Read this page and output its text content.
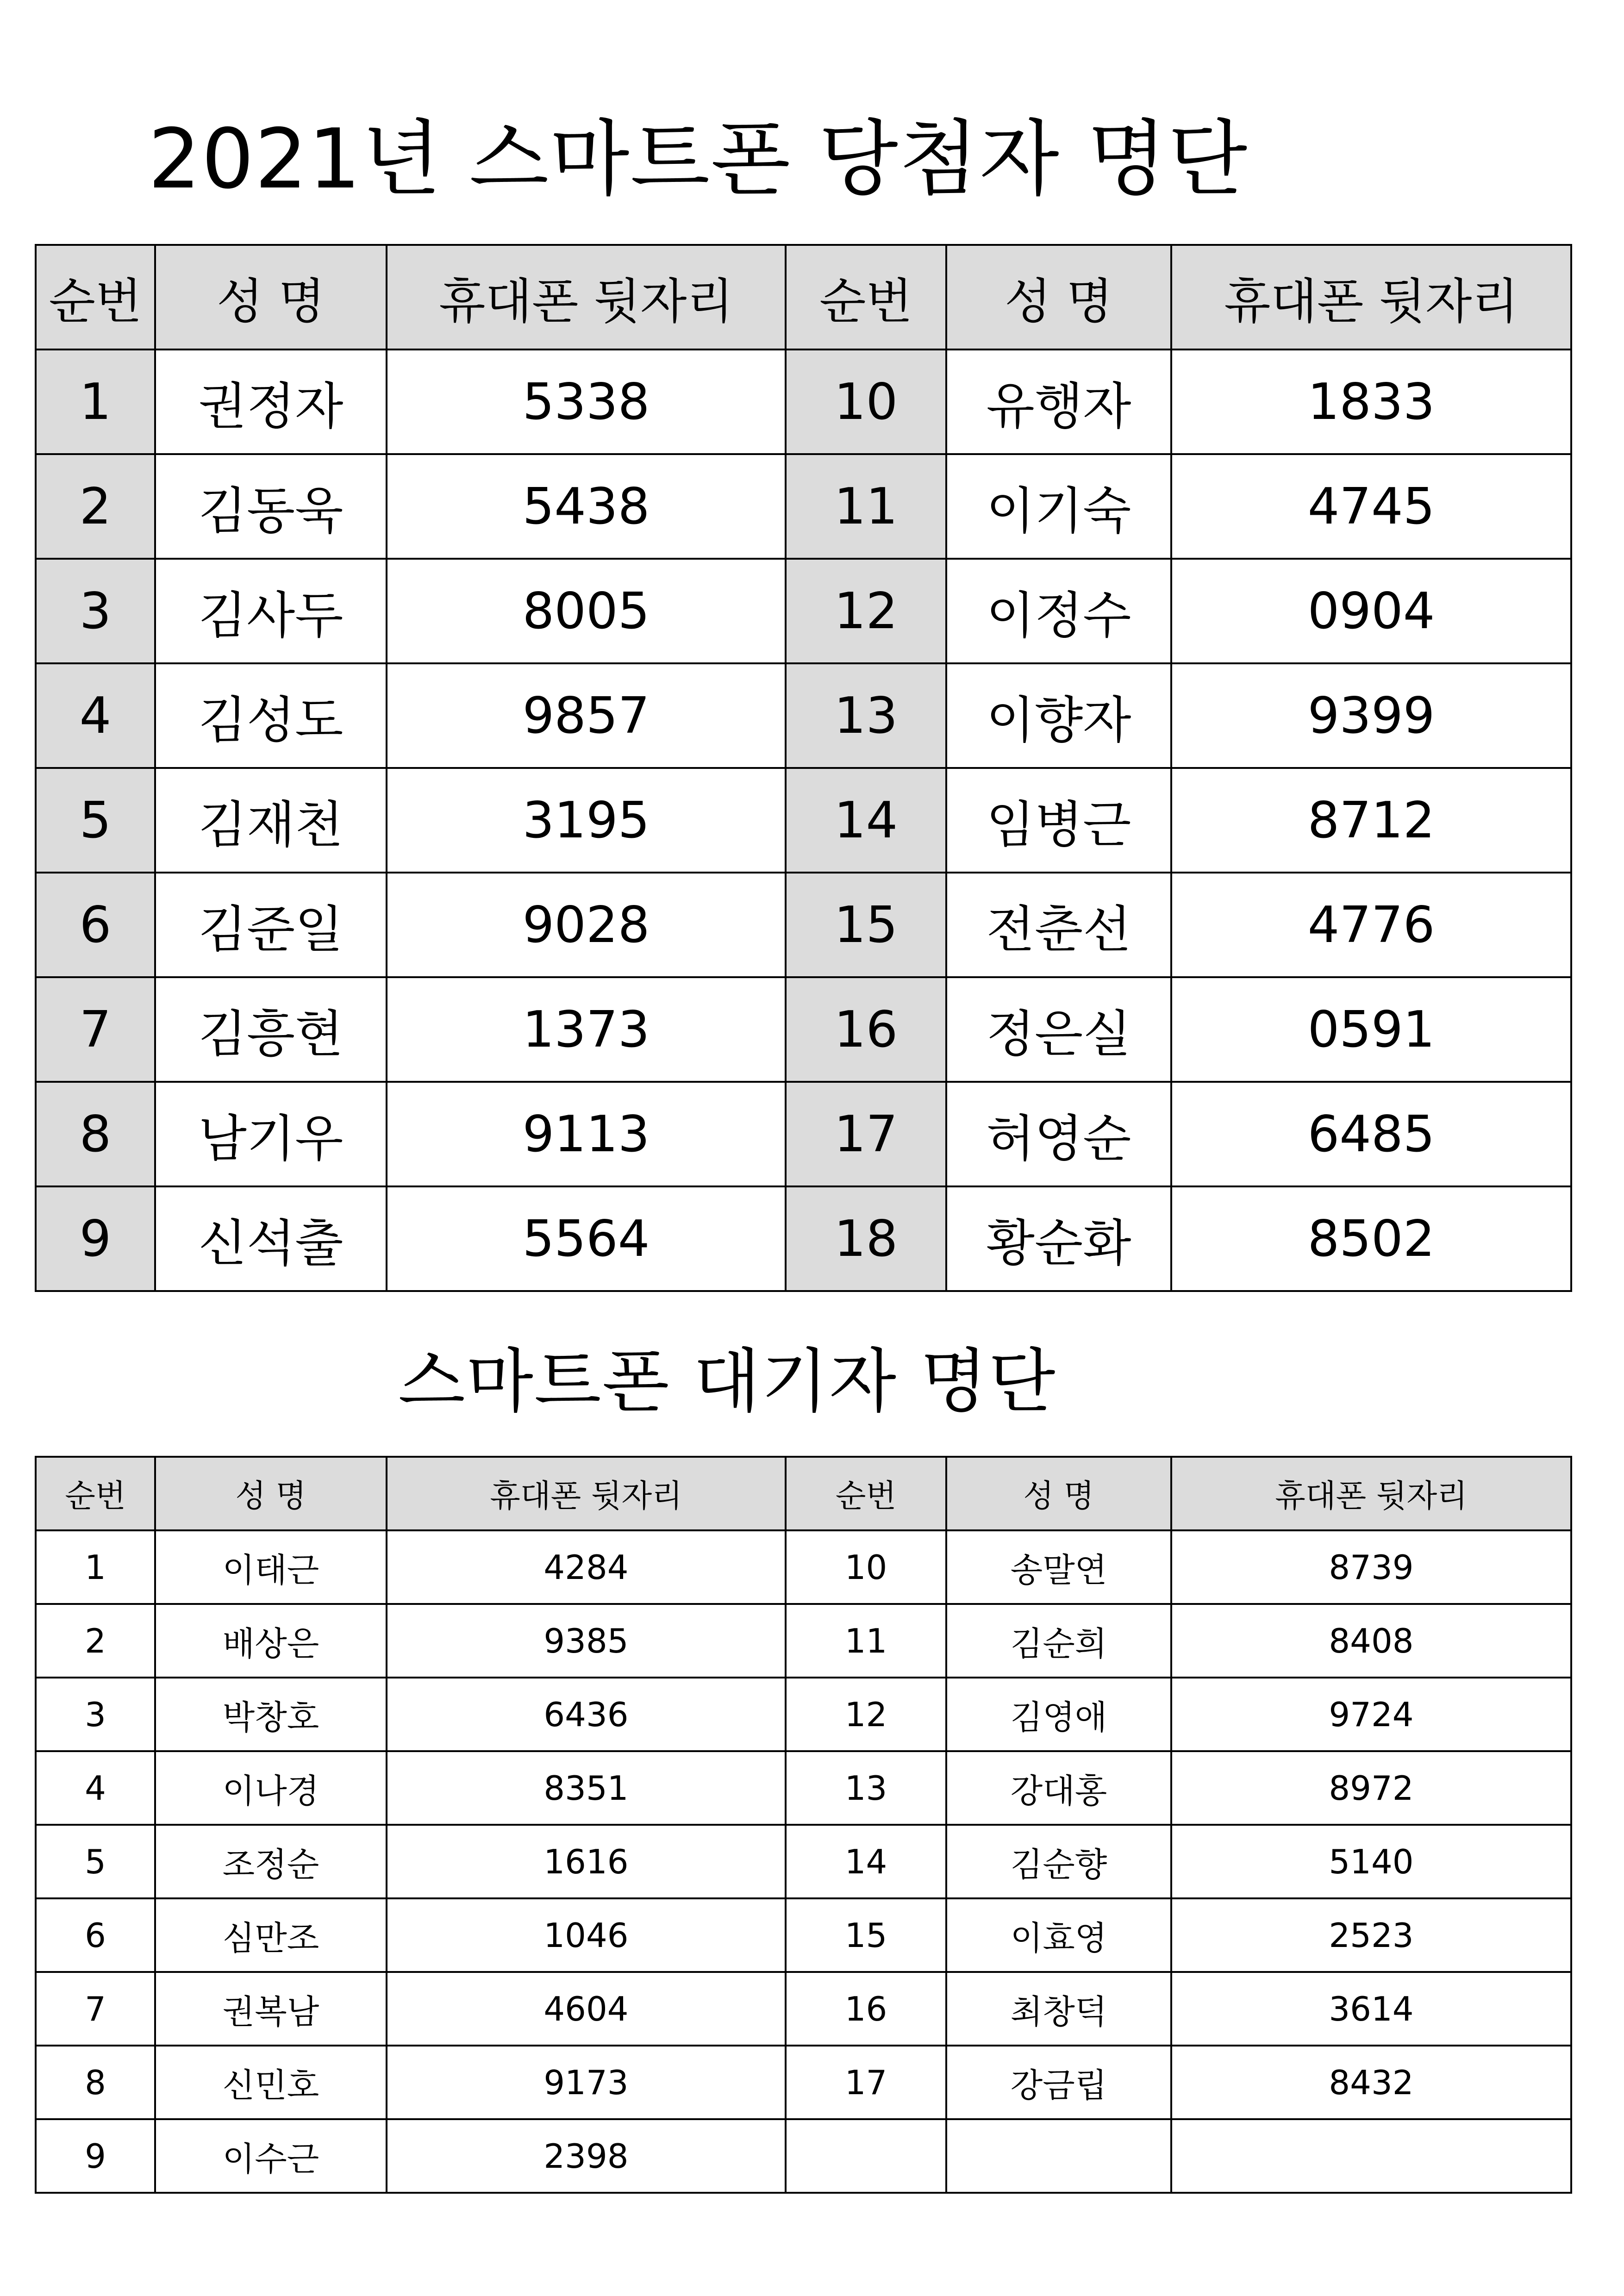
2021년 스마트폰 당첨자 명단
순번	성 명	휴대폰 뒷자리	순번	성 명	휴대폰 뒷자리
1	권정자	5338	10	유행자	1833
2	김동욱	5438	11	이기숙	4745
3	김사두	8005	12	이정수	0904
4	김성도	9857	13	이향자	9399
5	김재천	3195	14	임병근	8712
6	김준일	9028	15	전춘선	4776
7	김흥현	1373	16	정은실	0591
8	남기우	9113	17	허영순	6485
9	신석출	5564	18	황순화	8502
스마트폰 대기자 명단
순번	성 명	휴대폰 뒷자리	순번	성 명	휴대폰 뒷자리
1	이태근	4284	10	송말연	8739
2	배상은	9385	11	김순희	8408
3	박창호	6436	12	김영애	9724
4	이나경	8351	13	강대홍	8972
5	조정순	1616	14	김순향	5140
6	심만조	1046	15	이효영	2523
7	권복남	4604	16	최창덕	3614
8	신민호	9173	17	강금립	8432
9	이수근	2398			
